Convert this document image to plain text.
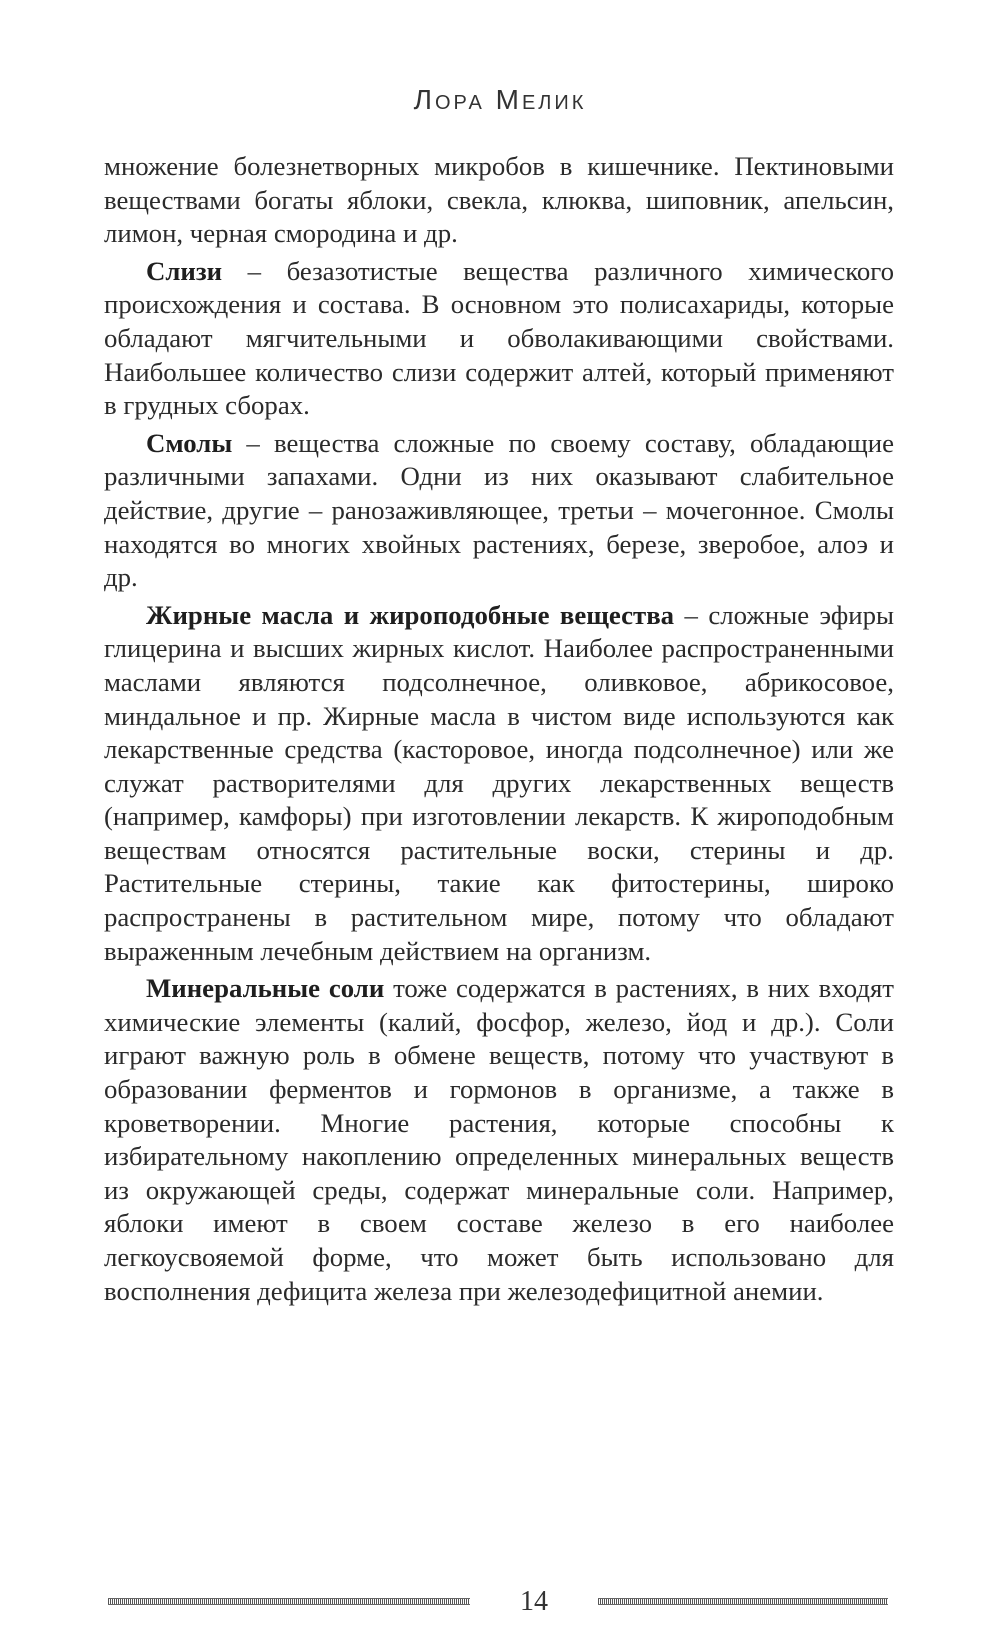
Лора Мелик

множение болезнетворных микробов в кишечнике. Пектиновыми веществами богаты яблоки, свекла, клюква, шиповник, апельсин, лимон, черная смородина и др.

Слизи – безазотистые вещества различного химического происхождения и состава. В основном это полисахариды, которые обладают мягчительными и обволакивающими свойствами. Наибольшее количество слизи содержит алтей, который применяют в грудных сборах.

Смолы – вещества сложные по своему составу, обладающие различными запахами. Одни из них оказывают слабительное действие, другие – ранозаживляющее, третьи – мочегонное. Смолы находятся во многих хвойных растениях, березе, зверобое, алоэ и др.

Жирные масла и жироподобные вещества – сложные эфиры глицерина и высших жирных кислот. Наиболее распространенными маслами являются подсолнечное, оливковое, абрикосовое, миндальное и пр. Жирные масла в чистом виде используются как лекарственные средства (касторовое, иногда подсолнечное) или же служат растворителями для других лекарственных веществ (например, камфоры) при изготовлении лекарств. К жироподобным веществам относятся растительные воски, стерины и др. Растительные стерины, такие как фитостерины, широко распространены в растительном мире, потому что обладают выраженным лечебным действием на организм.

Минеральные соли тоже содержатся в растениях, в них входят химические элементы (калий, фосфор, железо, йод и др.). Соли играют важную роль в обмене веществ, потому что участвуют в образовании ферментов и гормонов в организме, а также в кроветворении. Многие растения, которые способны к избирательному накоплению определенных минеральных веществ из окружающей среды, содержат минеральные соли. Например, яблоки имеют в своем составе железо в его наиболее легкоусвояемой форме, что может быть использовано для восполнения дефицита железа при железодефицитной анемии.

14
